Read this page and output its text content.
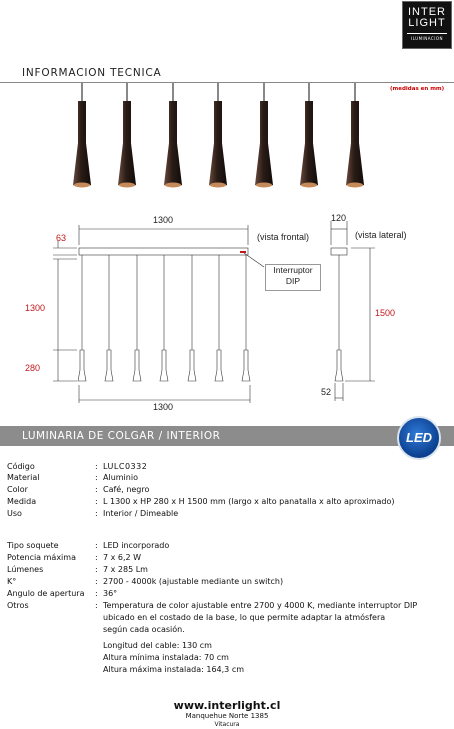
INTER
LIGHT
ILUMINACION
INFORMACION TECNICA
(medidas en mm)
1300
63
1300
280
1300
(vista frontal)
120
(vista lateral)
1500
52
Interruptor
DIP
LUMINARIA DE COLGAR / INTERIOR	LED
Código	: LULC0332
Material	: Aluminio
Color	: Café, negro
Medida	: L 1300 x HP 280 x H 1500 mm (largo x alto panatalla x alto aproximado)
Uso	: Interior / Dimeable
Tipo soquete	: LED incorporado
Potencia máxima	: 7 x 6,2 W
Lúmenes	: 7 x 285 Lm
K°	: 2700 - 4000k (ajustable mediante un switch)
Angulo de apertura	: 36°
Otros	: Temperatura de color ajustable entre 2700 y 4000 K, mediante interruptor DIP
ubicado en el costado de la base, lo que permite adaptar la atmósfera
según cada ocasión.
Longitud del cable: 130 cm
Altura mínima instalada: 70 cm
Altura máxima instalada: 164,3 cm
www.interlight.cl
Manquehue Norte 1385
Vitacura
